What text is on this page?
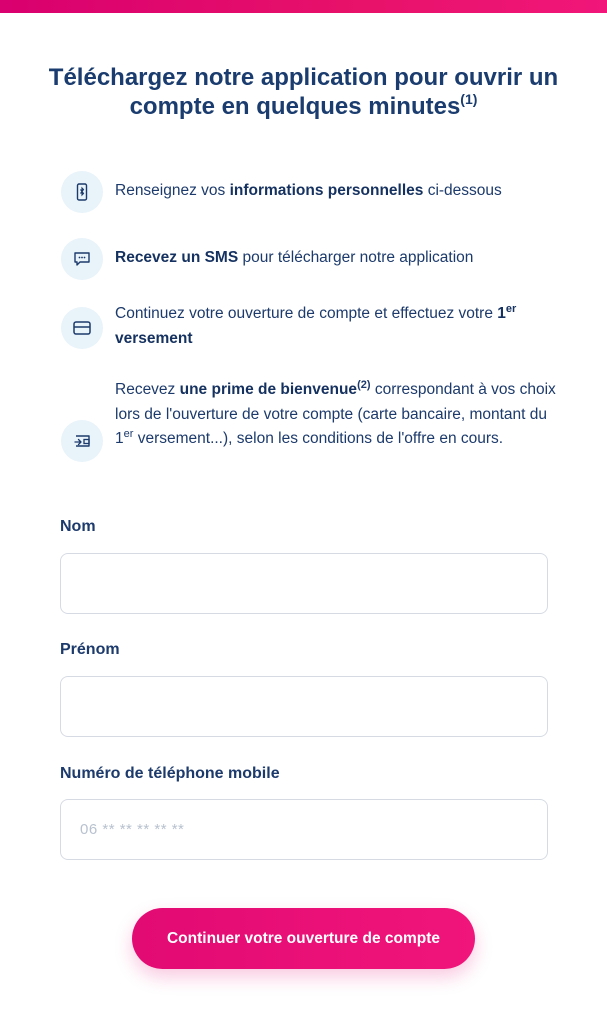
Téléchargez notre application pour ouvrir un compte en quelques minutes$^{(1)}$
Renseignez vos informations personnelles ci-dessous
Recevez un SMS pour télécharger notre application
Continuez votre ouverture de compte et effectuez votre 1er versement
Recevez une prime de bienvenue$^{(2)}$ correspondant à vos choix lors de l'ouverture de votre compte (carte bancaire, montant du 1er versement...), selon les conditions de l'offre en cours.
Nom
Prénom
Numéro de téléphone mobile
06 ** ** ** ** **
Continuer votre ouverture de compte
